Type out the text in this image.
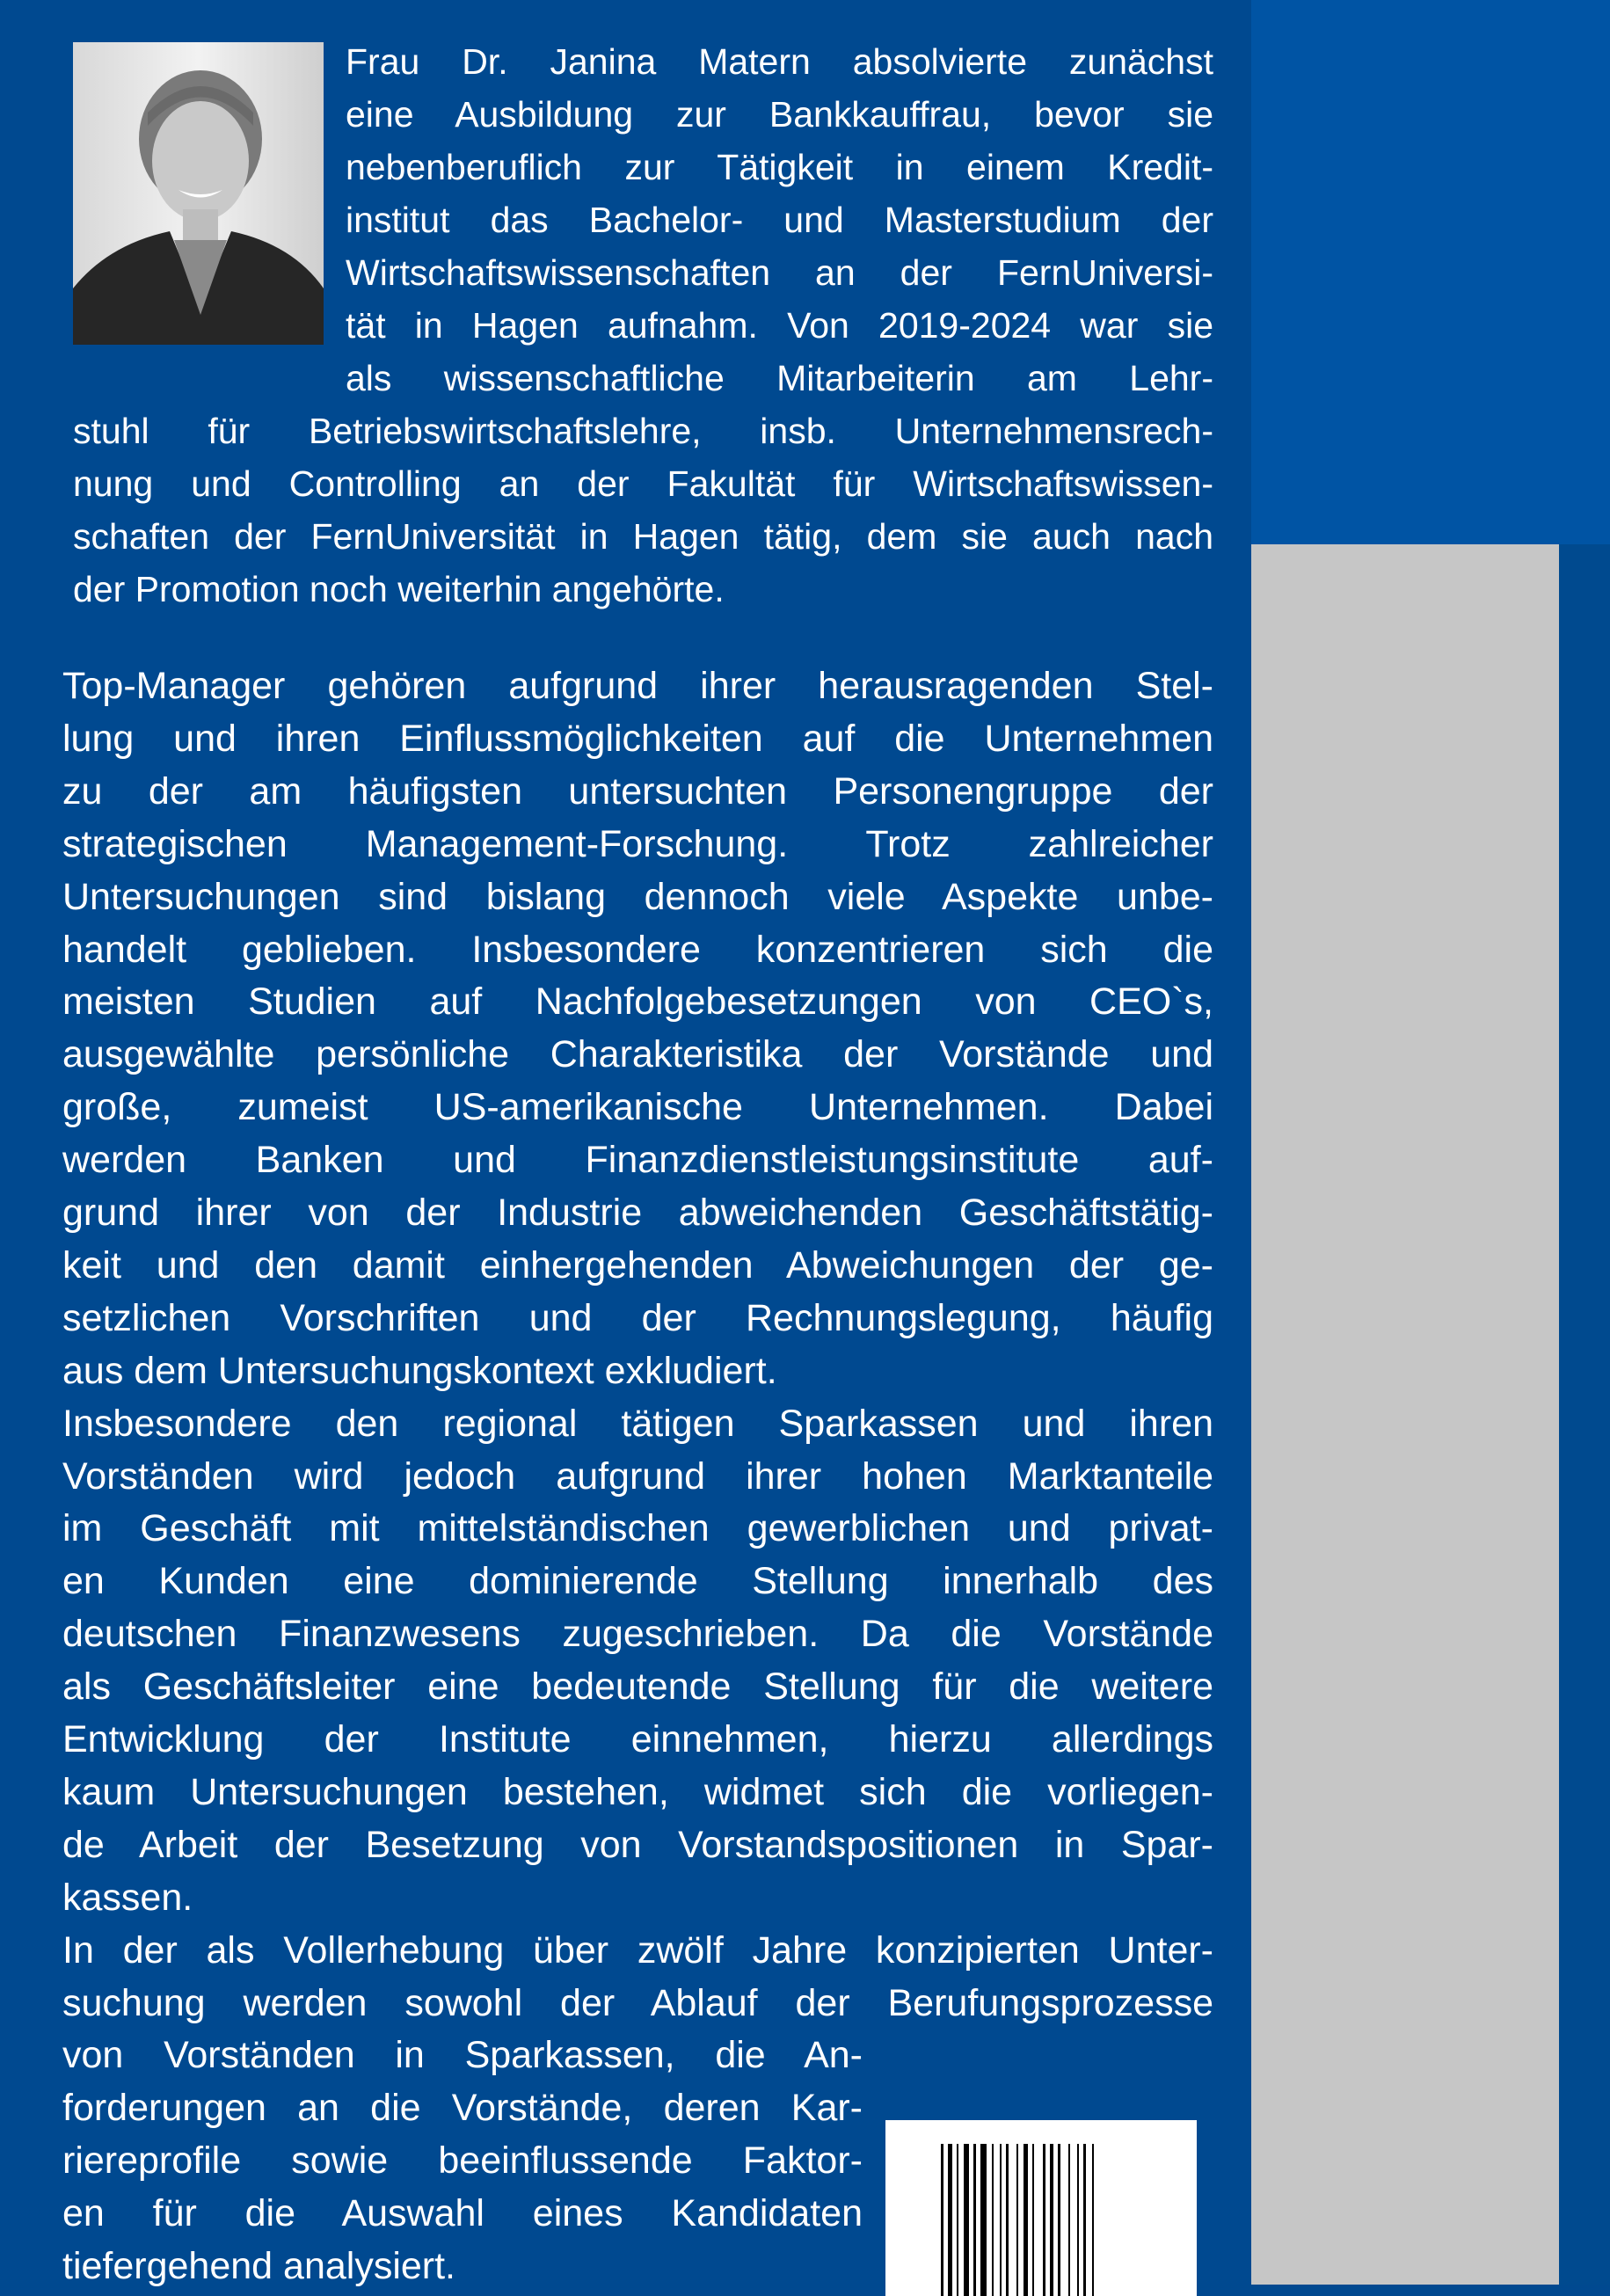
Frau Dr. Janina Matern absolvierte zunächst
eine Ausbildung zur Bankkauffrau, bevor sie
nebenberuflich zur Tätigkeit in einem Kredit-
institut das Bachelor- und Masterstudium der
Wirtschaftswissenschaften an der FernUniversi-
tät in Hagen aufnahm. Von 2019-2024 war sie
als wissenschaftliche Mitarbeiterin am Lehr-
stuhl für Betriebswirtschaftslehre, insb. Unternehmensrech-
nung und Controlling an der Fakultät für Wirtschaftswissen-
schaften der FernUniversität in Hagen tätig, dem sie auch nach
der Promotion noch weiterhin angehörte.
Top-Manager gehören aufgrund ihrer herausragenden Stel-
lung und ihren Einflussmöglichkeiten auf die Unternehmen
zu der am häufigsten untersuchten Personengruppe der
strategischen Management-Forschung. Trotz zahlreicher
Untersuchungen sind bislang dennoch viele Aspekte unbe-
handelt geblieben. Insbesondere konzentrieren sich die
meisten Studien auf Nachfolgebesetzungen von CEO`s,
ausgewählte persönliche Charakteristika der Vorstände und
große, zumeist US-amerikanische Unternehmen. Dabei
werden Banken und Finanzdienstleistungsinstitute auf-
grund ihrer von der Industrie abweichenden Geschäftstätig-
keit und den damit einhergehenden Abweichungen der ge-
setzlichen Vorschriften und der Rechnungslegung, häufig
aus dem Untersuchungskontext exkludiert.
Insbesondere den regional tätigen Sparkassen und ihren
Vorständen wird jedoch aufgrund ihrer hohen Marktanteile
im Geschäft mit mittelständischen gewerblichen und privat-
en Kunden eine dominierende Stellung innerhalb des
deutschen Finanzwesens zugeschrieben. Da die Vorstände
als Geschäftsleiter eine bedeutende Stellung für die weitere
Entwicklung der Institute einnehmen, hierzu allerdings
kaum Untersuchungen bestehen, widmet sich die vorliegen-
de Arbeit der Besetzung von Vorstandspositionen in Spar-
kassen.
In der als Vollerhebung über zwölf Jahre konzipierten Unter-
suchung werden sowohl der Ablauf der Berufungsprozesse
von Vorständen in Sparkassen, die An-
forderungen an die Vorstände, deren Kar-
riereprofile sowie beeinflussende Faktor-
en für die Auswahl eines Kandidaten
tiefergehend analysiert.
